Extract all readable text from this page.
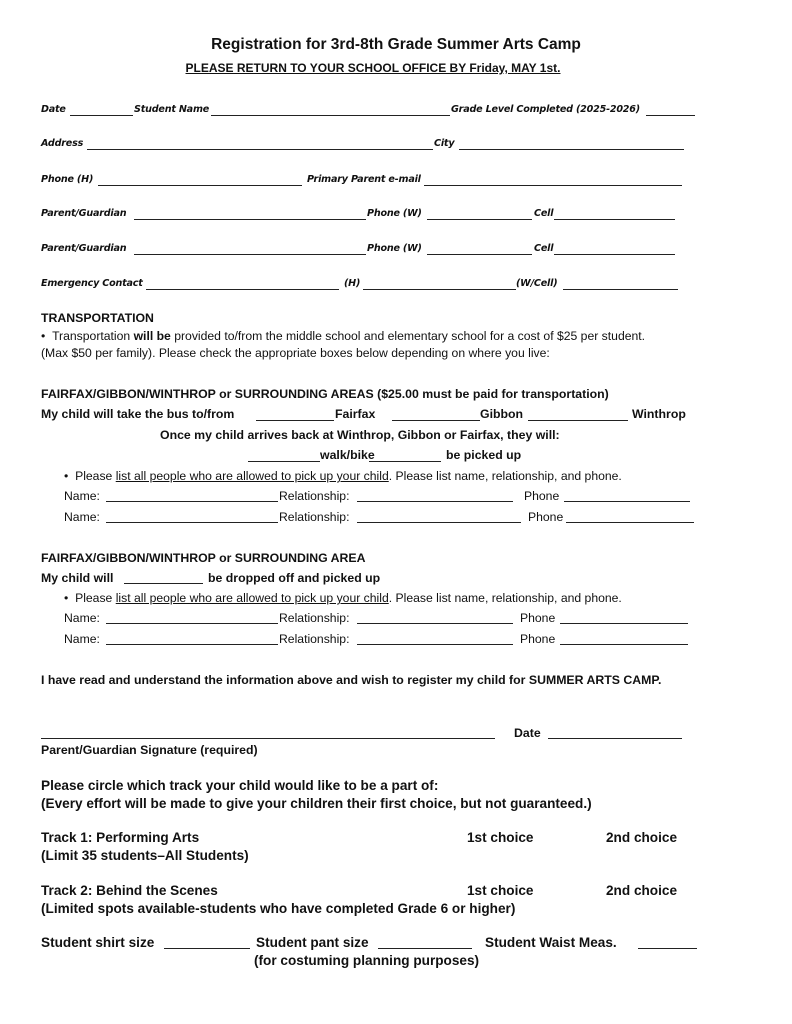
Registration for 3rd-8th Grade Summer Arts Camp
PLEASE RETURN TO YOUR SCHOOL OFFICE BY Friday, MAY 1st.
Date	Student Name	Grade Level Completed (2025-2026)
Address	City
Phone (H)	Primary Parent e-mail
Parent/Guardian	Phone (W)	Cell
Parent/Guardian	Phone (W)	Cell
Emergency Contact	(H)	(W/Cell)
TRANSPORTATION
• Transportation will be provided to/from the middle school and elementary school for a cost of $25 per student.
(Max $50 per family). Please check the appropriate boxes below depending on where you live:
FAIRFAX/GIBBON/WINTHROP or SURROUNDING AREAS ($25.00 must be paid for transportation)
My child will take the bus to/from	Fairfax	Gibbon	Winthrop
Once my child arrives back at Winthrop, Gibbon or Fairfax, they will:
walk/bike	be picked up
• Please list all people who are allowed to pick up your child. Please list name, relationship, and phone.
Name:	Relationship:	Phone
Name:	Relationship:	Phone
FAIRFAX/GIBBON/WINTHROP or SURROUNDING AREA
My child will	be dropped off and picked up
• Please list all people who are allowed to pick up your child. Please list name, relationship, and phone.
Name:	Relationship:	Phone
Name:	Relationship:	Phone
I have read and understand the information above and wish to register my child for SUMMER ARTS CAMP.
Date
Parent/Guardian Signature (required)
Please circle which track your child would like to be a part of:
(Every effort will be made to give your children their first choice, but not guaranteed.)
Track 1: Performing Arts	1st choice	2nd choice
(Limit 35 students–All Students)
Track 2: Behind the Scenes	1st choice	2nd choice
(Limited spots available-students who have completed Grade 6 or higher)
Student shirt size	Student pant size	Student Waist Meas.
(for costuming planning purposes)
